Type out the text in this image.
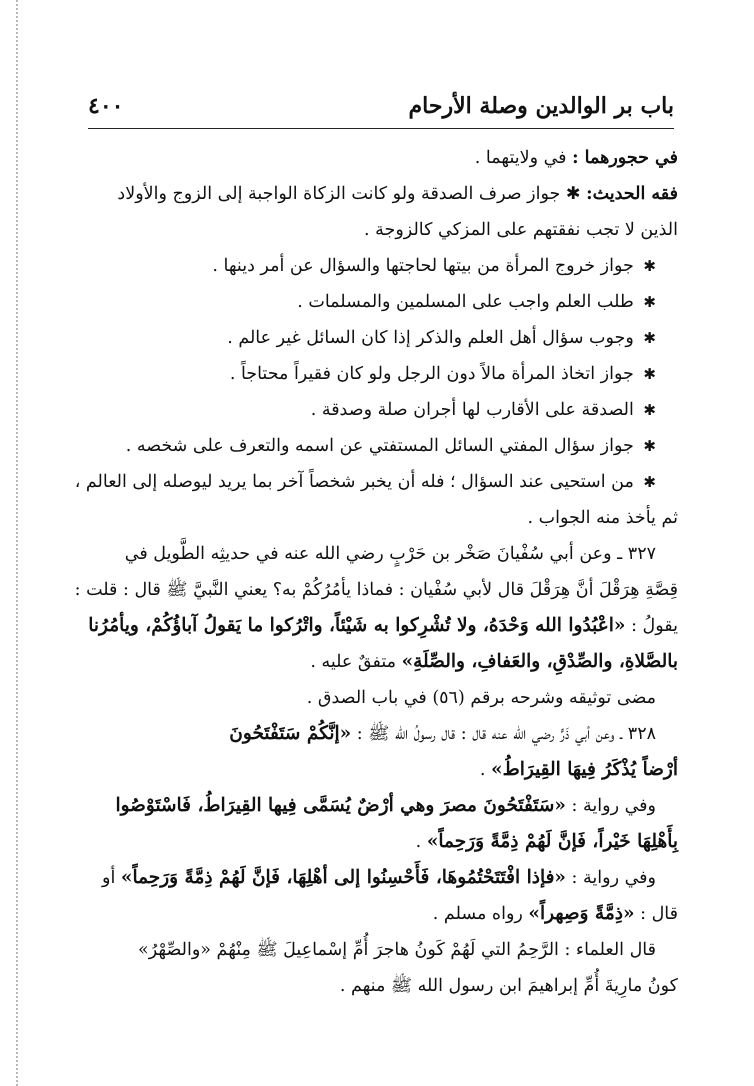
باب بر الوالدين وصلة الأرحام
٤٠٠

في حجورهما : في ولايتهما .

فقه الحديث: ✱ جواز صرف الصدقة ولو كانت الزكاة الواجبة إلى الزوج والأولاد

الذين لا تجب نفقتهم على المزكي كالزوجة .

✱ جواز خروج المرأة من بيتها لحاجتها والسؤال عن أمر دينها .

✱ طلب العلم واجب على المسلمين والمسلمات .

✱ وجوب سؤال أهل العلم والذكر إذا كان السائل غير عالم .

✱ جواز اتخاذ المرأة مالاً دون الرجل ولو كان فقيراً محتاجاً .

✱ الصدقة على الأقارب لها أجران صلة وصدقة .

✱ جواز سؤال المفتي السائل المستفتي عن اسمه والتعرف على شخصه .

✱ من استحيى عند السؤال ؛ فله أن يخبر شخصاً آخر بما يريد ليوصله إلى العالم ،

ثم يأخذ منه الجواب .

٣٢٧ ـ وعن أبي سُفْيانَ صَخْر بن حَرْبٍ رضي الله عنه في حديثِه الطَّويل في

قِصَّةِ هِرَقْلَ أنَّ هِرَقْلَ قال لأبي سُفْيان : فماذا يأمُرُكُمْ به؟ يعني النَّبيَّ ﷺ قال : قلت :

يقولُ : «اعْبُدُوا الله وَحْدَهُ، ولا تُشْرِكوا به شَيْئاً، واتْرُكوا ما يَقولُ آباؤُكُمْ، ويأمُرُنا

بالصَّلاةِ، والصِّدْقِ، والعَفافِ، والصِّلَةِ» متفقٌ عليه .

مضى توثيقه وشرحه برقم (٥٦) في باب الصدق .

٣٢٨ ـ وعن أبي ذَرٍّ رضي الله عنه قال : قال رسولُ الله ﷺ : «إنَّكُمْ سَتَفْتَحُونَ

أرْضاً يُذْكَرُ فِيهَا القِيرَاطُ» .

وفي رواية : «سَتَفْتَحُونَ مصرَ وهي أرْضٌ يُسَمَّى فِيها القِيرَاطُ، فَاسْتَوْصُوا

بِأَهْلِهَا خَيْراً، فَإنَّ لَهُمْ ذِمَّةً وَرَحِماً» .

وفي رواية : «فإذا افْتَتَحْتُمُوهَا، فَأَحْسِنُوا إلى أهْلِهَا، فَإنَّ لَهُمْ ذِمَّةً وَرَحِماً» أو

قال : «ذِمَّةً وَصِهراً» رواه مسلم .

قال العلماء : الرَّحِمُ التي لَهُمْ كَونُ هاجرَ أُمِّ إسْماعِيلَ ﷺ مِنْهُمْ «والصِّهْرُ»

كونُ مارِيةَ أُمِّ إبراهيمَ ابن رسول الله ﷺ منهم .
